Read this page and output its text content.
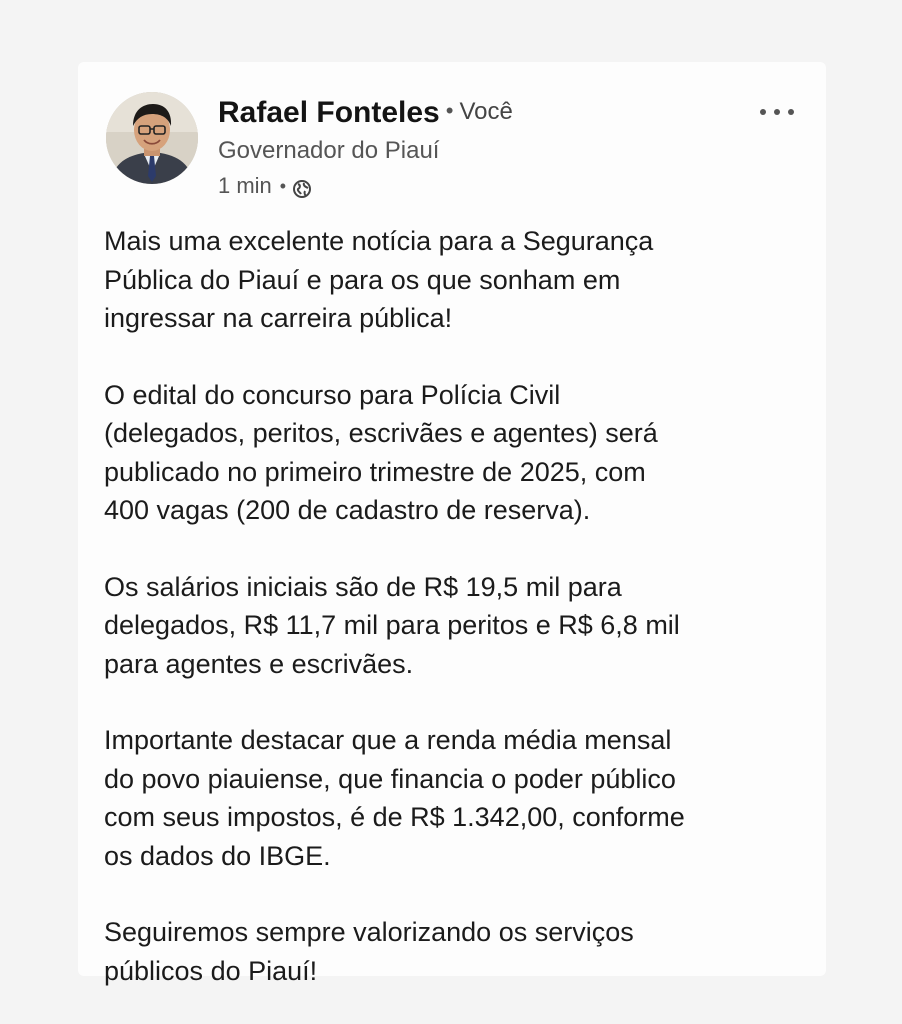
Rafael Fonteles • Você
Governador do Piauí
1 min •

Mais uma excelente notícia para a Segurança
Pública do Piauí e para os que sonham em
ingressar na carreira pública!

O edital do concurso para Polícia Civil
(delegados, peritos, escrivães e agentes) será
publicado no primeiro trimestre de 2025, com
400 vagas (200 de cadastro de reserva).

Os salários iniciais são de R$ 19,5 mil para
delegados, R$ 11,7 mil para peritos e R$ 6,8 mil
para agentes e escrivães.

Importante destacar que a renda média mensal
do povo piauiense, que financia o poder público
com seus impostos, é de R$ 1.342,00, conforme
os dados do IBGE.

Seguiremos sempre valorizando os serviços
públicos do Piauí!
